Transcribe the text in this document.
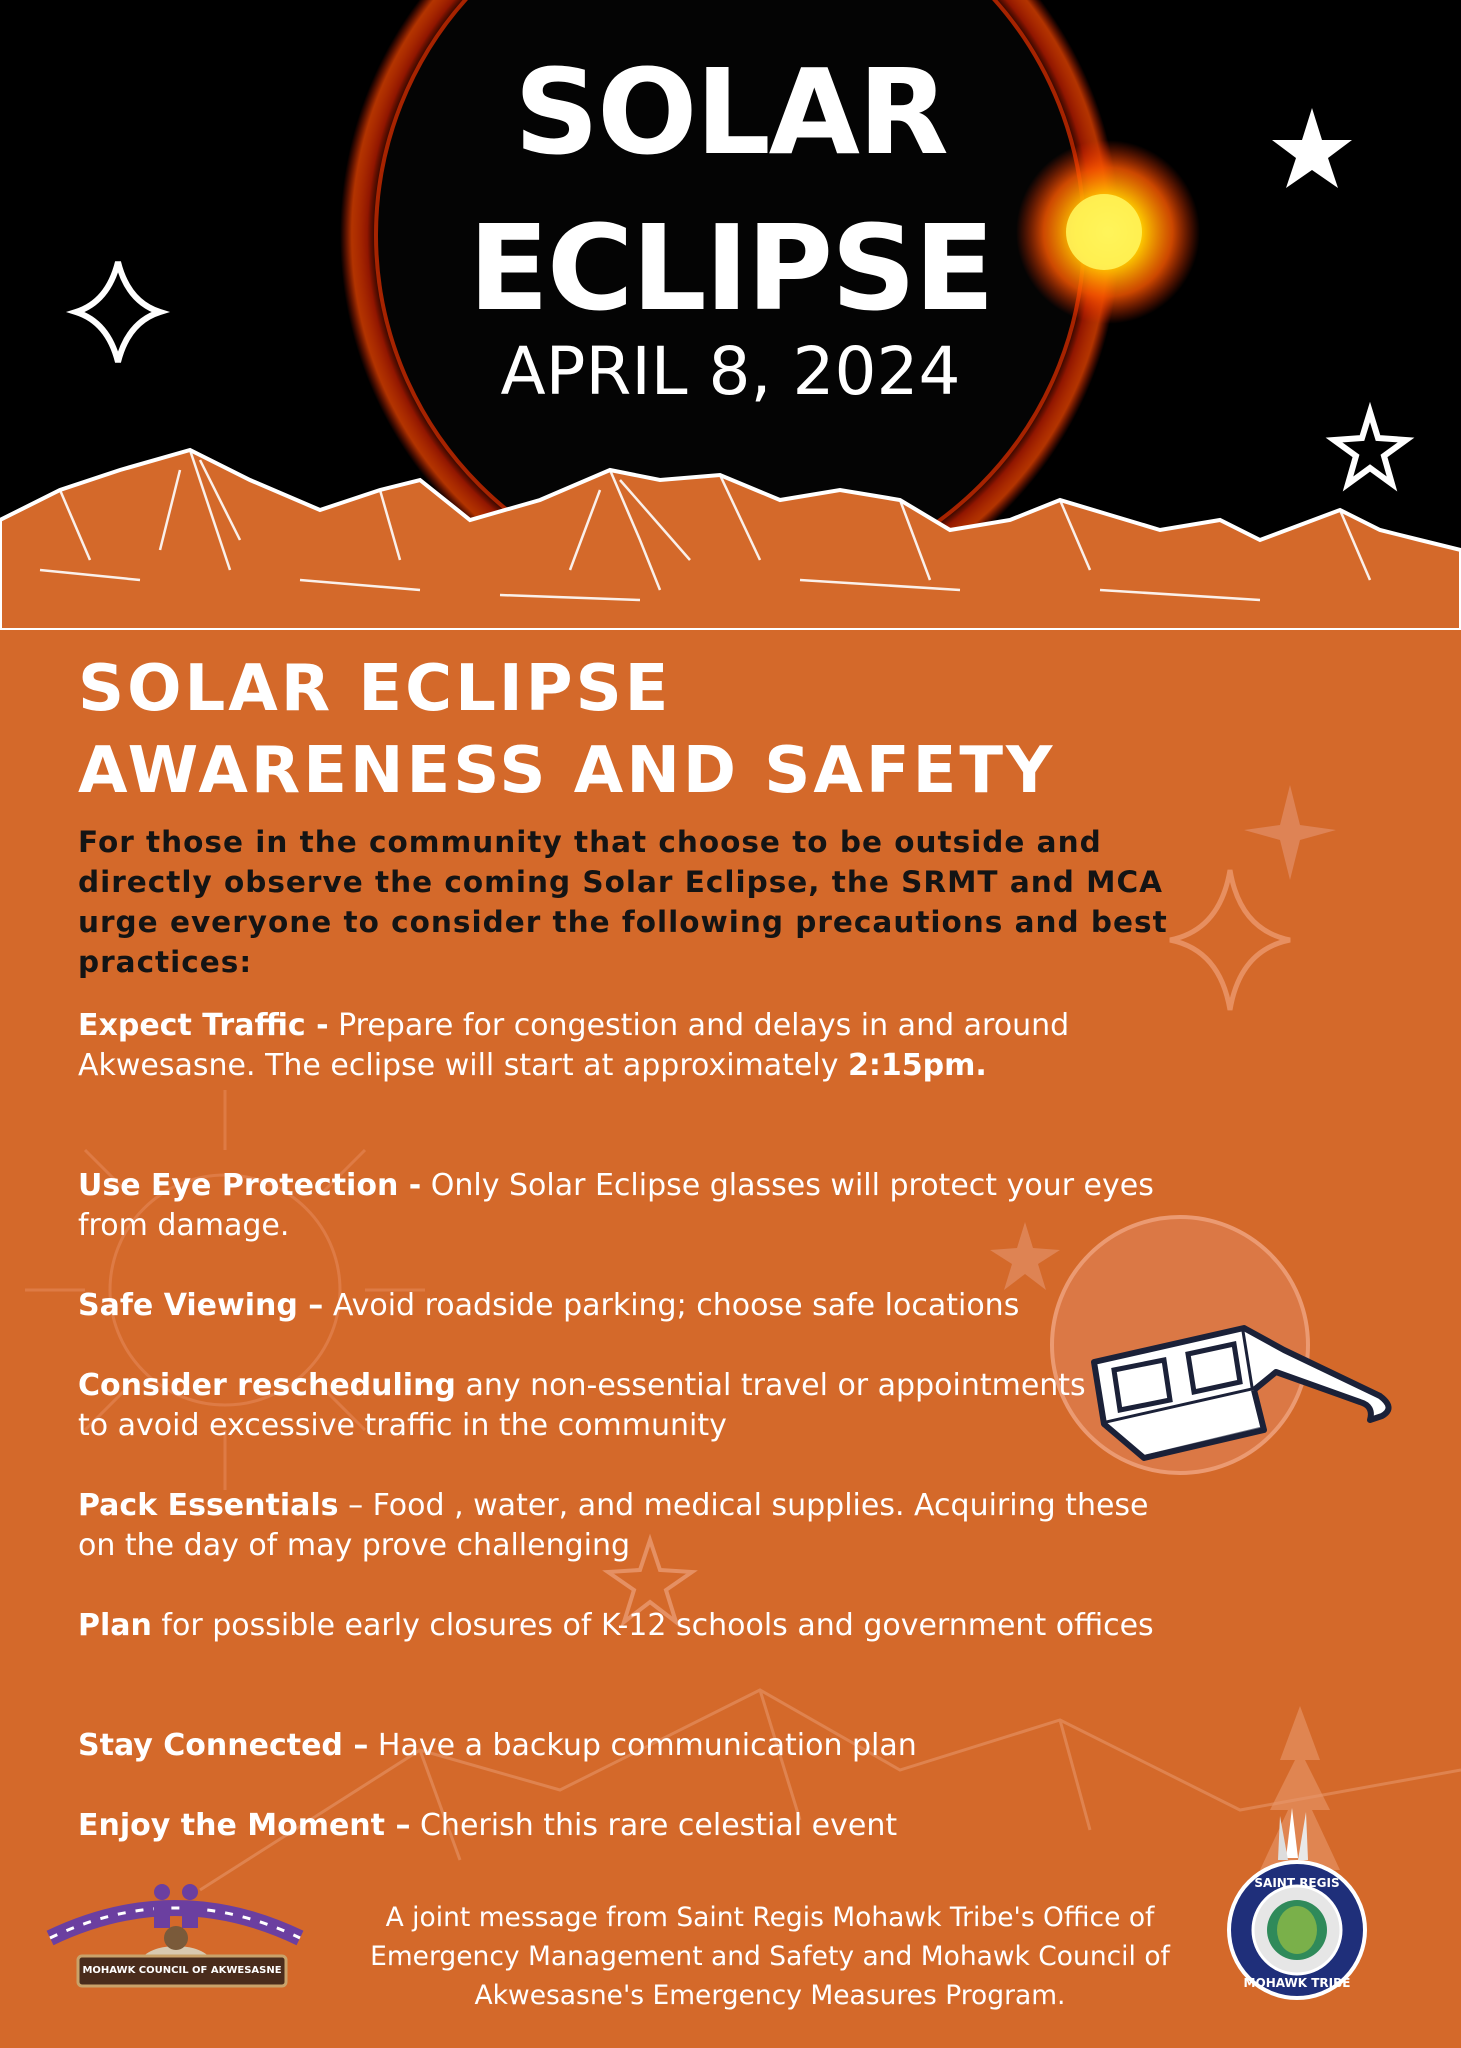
SOLAR
ECLIPSE
APRIL 8, 2024
SOLAR ECLIPSE
AWARENESS AND SAFETY
For those in the community that choose to be outside and directly observe the coming Solar Eclipse, the SRMT and MCA urge everyone to consider the following precautions and best practices:
Expect Traffic - Prepare for congestion and delays in and around Akwesasne. The eclipse will start at approximately 2:15pm.
Use Eye Protection - Only Solar Eclipse glasses will protect your eyes from damage.
Safe Viewing – Avoid roadside parking; choose safe locations
Consider rescheduling any non-essential travel or appointments to avoid excessive traffic in the community
Pack Essentials – Food , water, and medical supplies. Acquiring these on the day of may prove challenging
Plan for possible early closures of K-12 schools and government offices
Stay Connected – Have a backup communication plan
Enjoy the Moment – Cherish this rare celestial event
MOHAWK COUNCIL OF AKWESASNE
A joint message from Saint Regis Mohawk Tribe's Office of Emergency Management and Safety and Mohawk Council of Akwesasne's Emergency Measures Program.
SAINT REGIS
MOHAWK TRIBE
